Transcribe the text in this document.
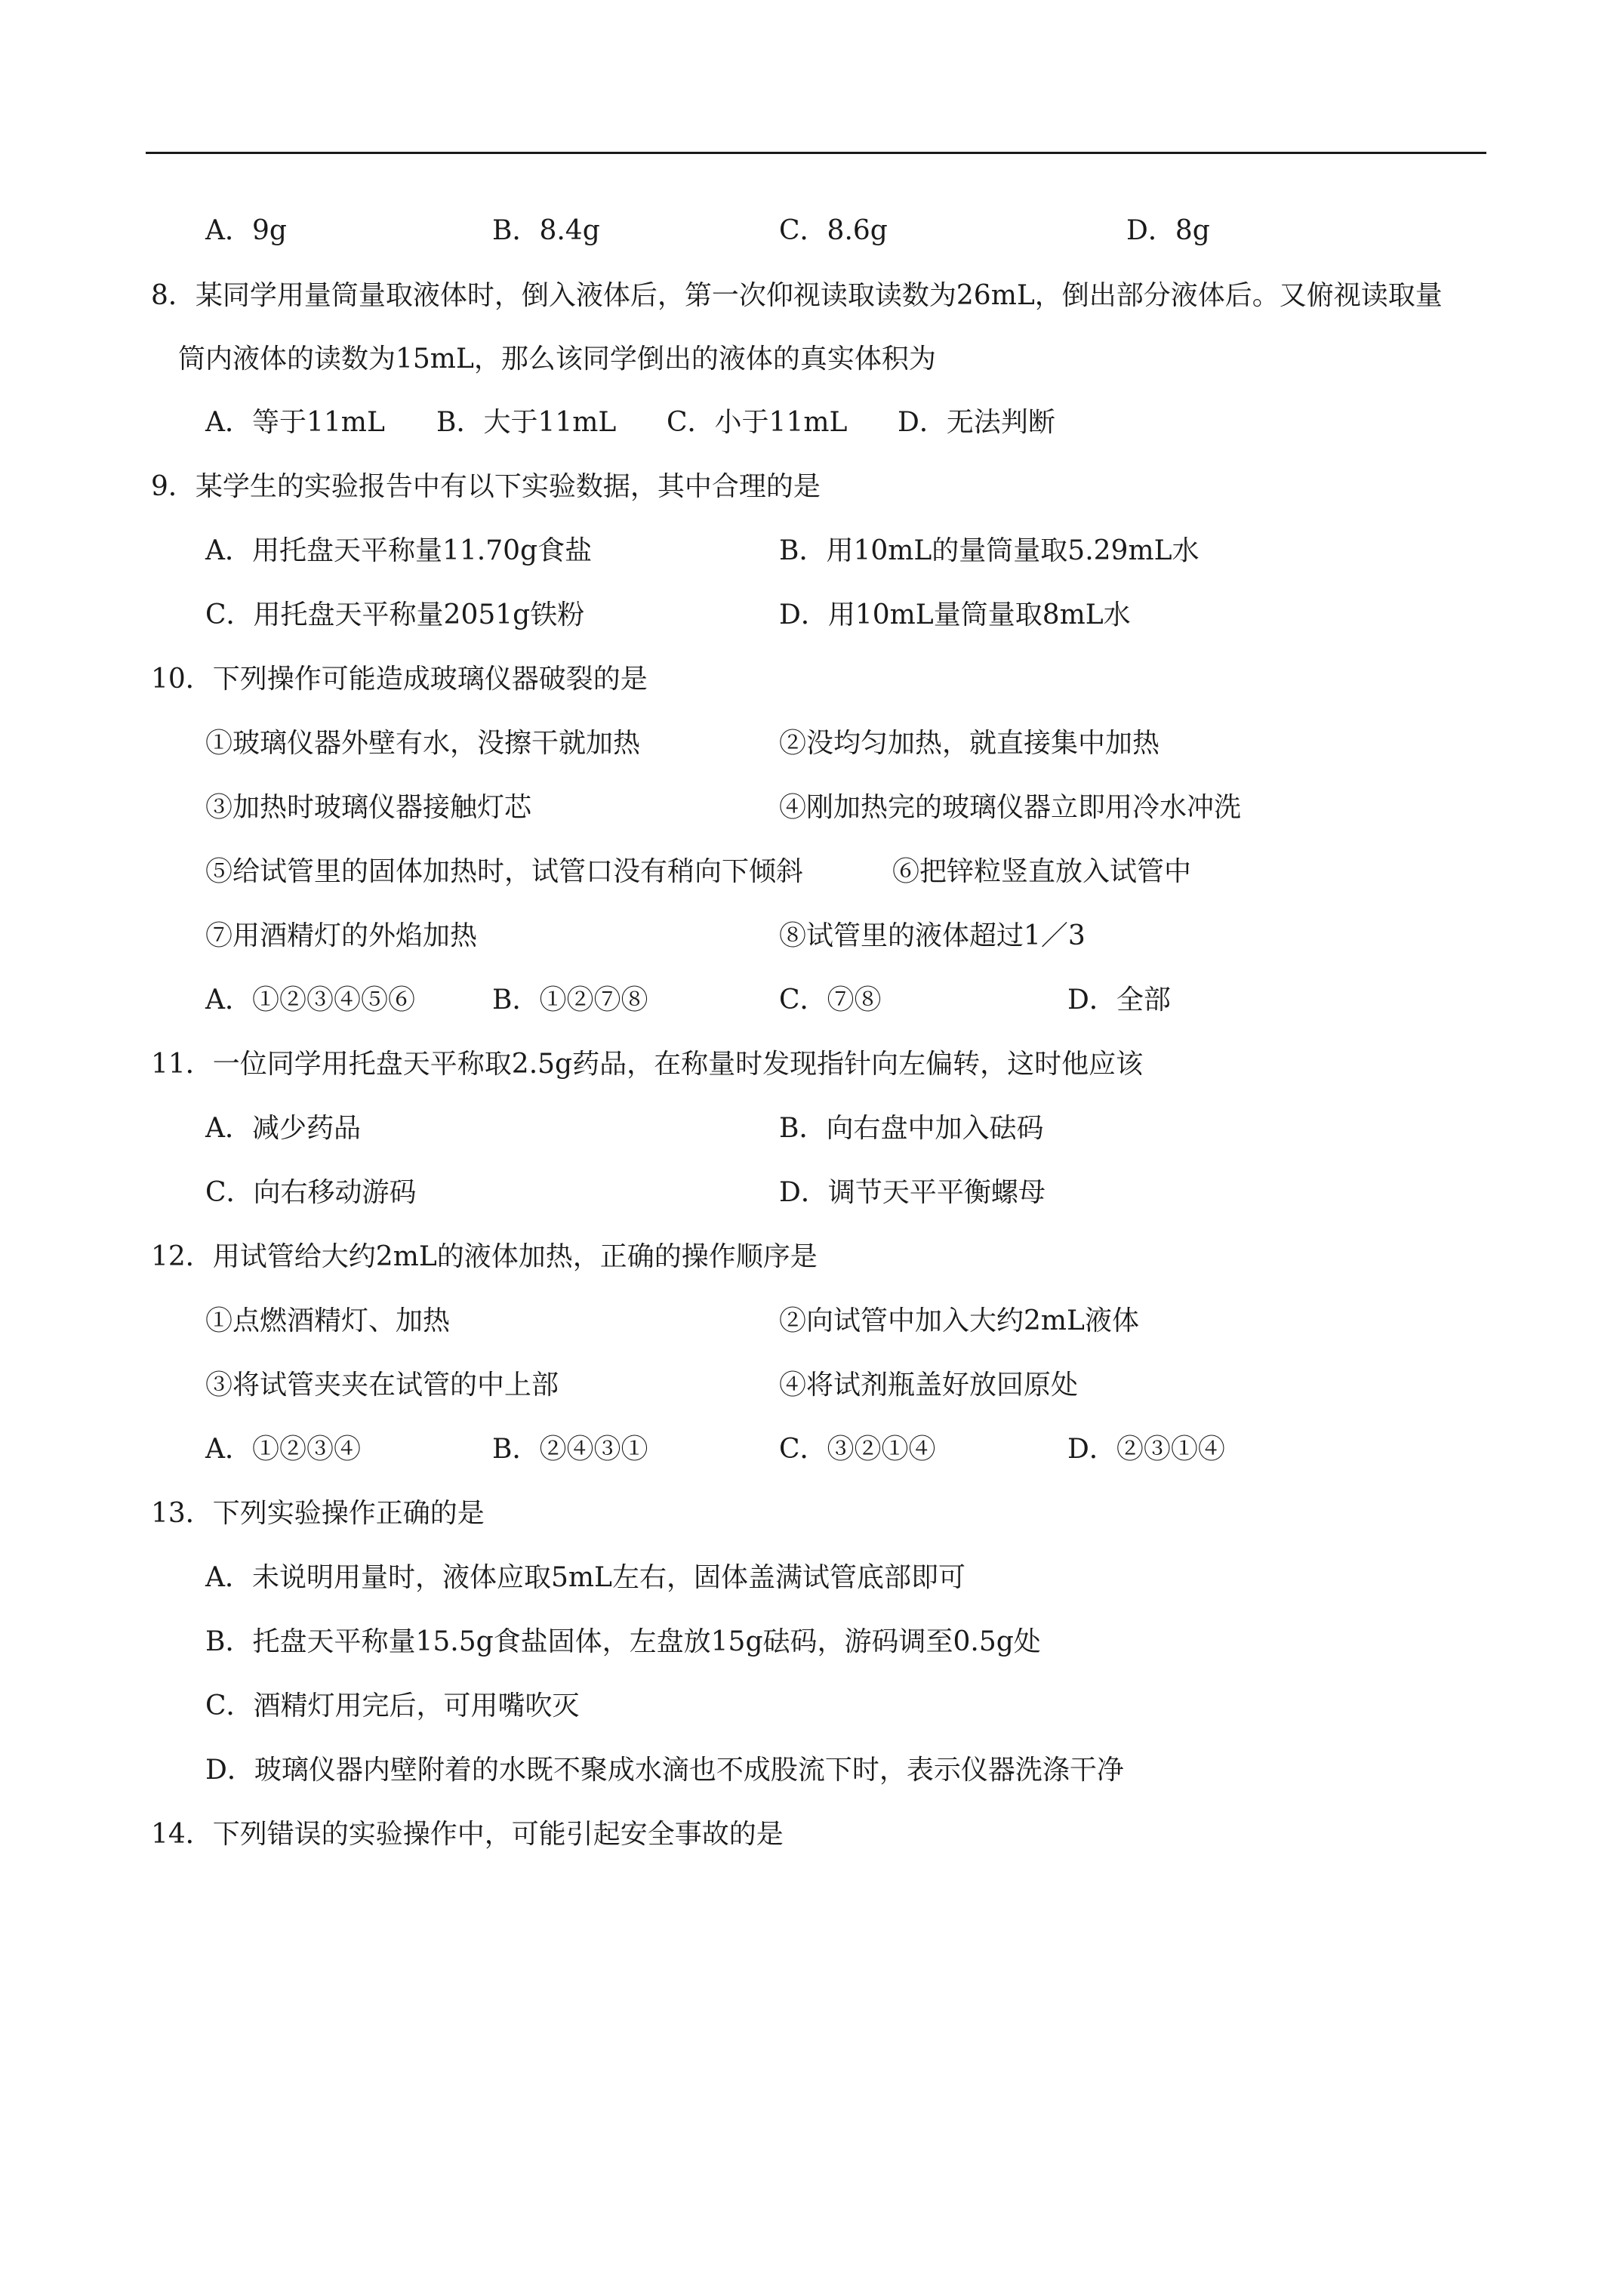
A．9g	B．8.4g	C．8.6g	D．8g
8．某同学用量筒量取液体时，倒入液体后，第一次仰视读取读数为26mL，倒出部分液体后。又俯视读取量
筒内液体的读数为15mL，那么该同学倒出的液体的真实体积为
A．等于11mL B．大于11mL C．小于11mL D．无法判断
9．某学生的实验报告中有以下实验数据，其中合理的是
A．用托盘天平称量11.70g食盐	B．用10mL的量筒量取5.29mL水
C．用托盘天平称量2051g铁粉	D．用10mL量筒量取8mL水
10．下列操作可能造成玻璃仪器破裂的是
①玻璃仪器外壁有水，没擦干就加热	②没均匀加热，就直接集中加热
③加热时玻璃仪器接触灯芯	④刚加热完的玻璃仪器立即用冷水冲洗
⑤给试管里的固体加热时，试管口没有稍向下倾斜	⑥把锌粒竖直放入试管中
⑦用酒精灯的外焰加热	⑧试管里的液体超过1／3
A．①②③④⑤⑥	B．①②⑦⑧	C．⑦⑧	D．全部
11．一位同学用托盘天平称取2.5g药品，在称量时发现指针向左偏转，这时他应该
A．减少药品	B．向右盘中加入砝码
C．向右移动游码	D．调节天平平衡螺母
12．用试管给大约2mL的液体加热，正确的操作顺序是
①点燃酒精灯、加热	②向试管中加入大约2mL液体
③将试管夹夹在试管的中上部	④将试剂瓶盖好放回原处
A．①②③④	B．②④③①	C．③②①④	D．②③①④
13．下列实验操作正确的是
A．未说明用量时，液体应取5mL左右，固体盖满试管底部即可
B．托盘天平称量15.5g食盐固体，左盘放15g砝码，游码调至0.5g处
C．酒精灯用完后，可用嘴吹灭
D．玻璃仪器内壁附着的水既不聚成水滴也不成股流下时，表示仪器洗涤干净
14．下列错误的实验操作中，可能引起安全事故的是
